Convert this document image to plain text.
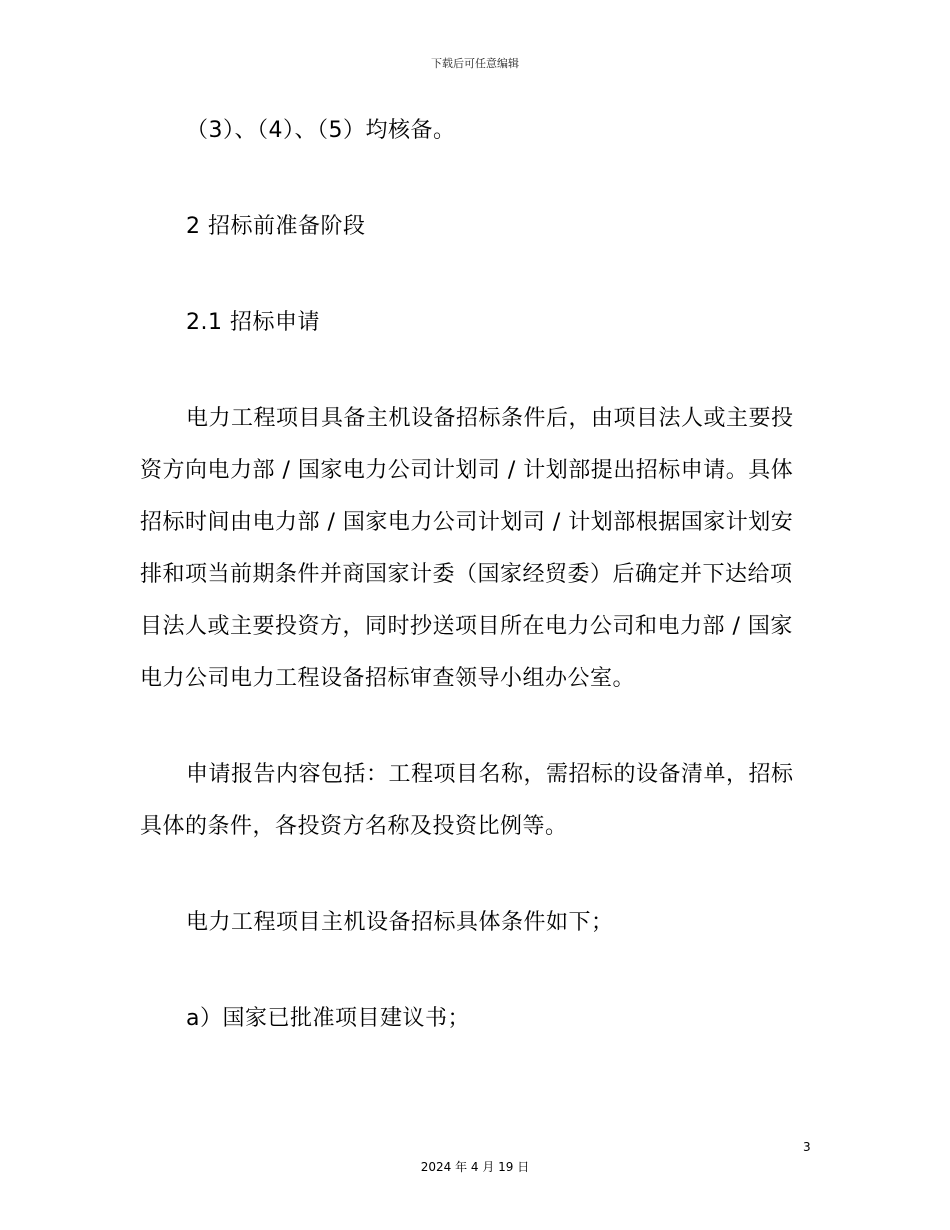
下载后可任意编辑

（3）、（4）、（5）均核备。

2 招标前准备阶段

2.1 招标申请

电力工程项目具备主机设备招标条件后，由项目法人或主要投资方向电力部 / 国家电力公司计划司 / 计划部提出招标申请。具体招标时间由电力部 / 国家电力公司计划司 / 计划部根据国家计划安排和项当前期条件并商国家计委（国家经贸委）后确定并下达给项目法人或主要投资方，同时抄送项目所在电力公司和电力部 / 国家电力公司电力工程设备招标审查领导小组办公室。

申请报告内容包括：工程项目名称，需招标的设备清单，招标具体的条件，各投资方名称及投资比例等。

电力工程项目主机设备招标具体条件如下；

a）国家已批准项目建议书；

3
2024 年 4 月 19 日
